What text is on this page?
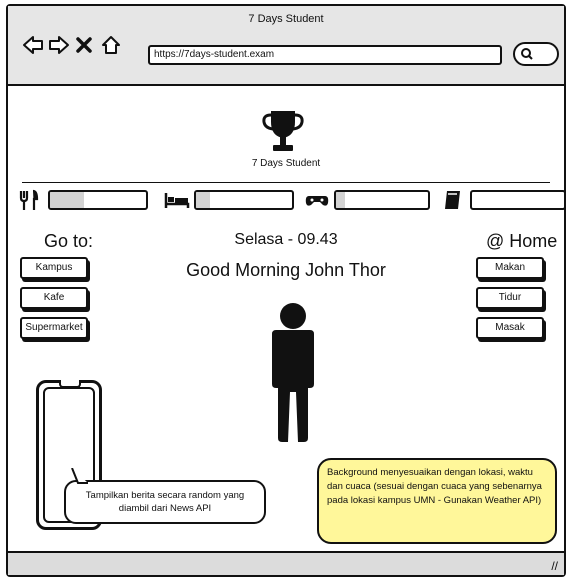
7 Days Student
https://7days-student.exam
7 Days Student
Go to:	@ Home
Selasa - 09.43
Good Morning John Thor
Kampus
Kafe
Supermarket
Makan
Tidur
Masak
Tampilkan berita secara random yang diambil dari News API
Background menyesuaikan dengan lokasi, waktu dan cuaca (sesuai dengan cuaca yang sebenarnya pada lokasi kampus UMN - Gunakan Weather API)
//
